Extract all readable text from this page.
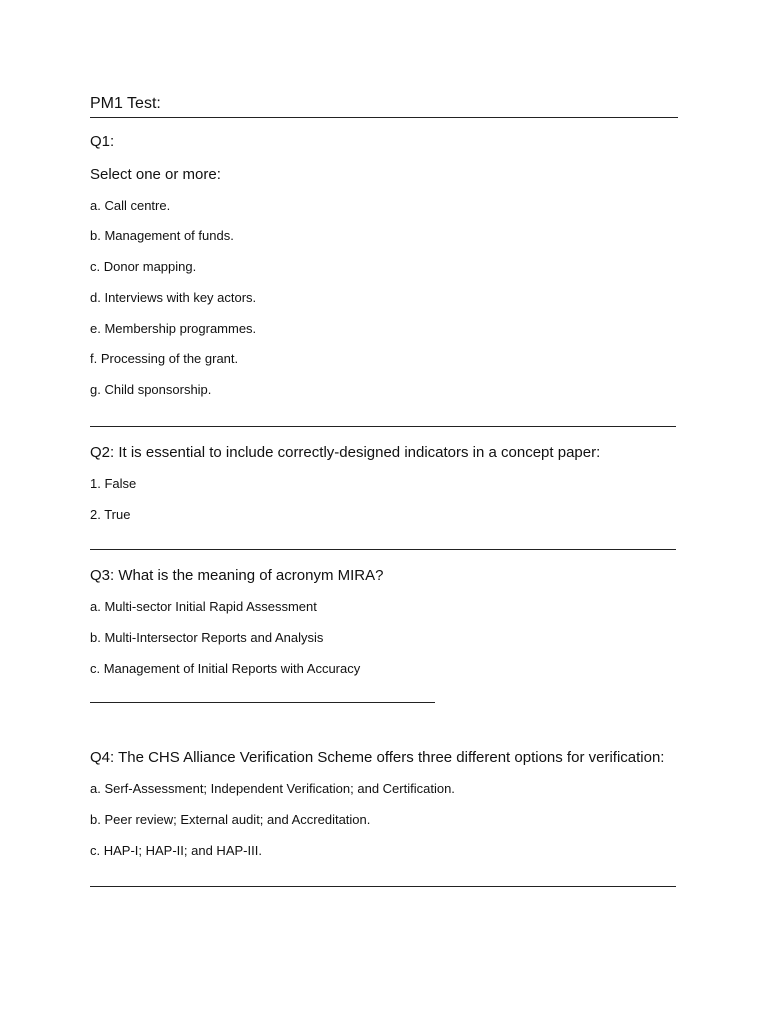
PM1 Test:
Q1:
Select one or more:
a. Call centre.
b. Management of funds.
c. Donor mapping.
d. Interviews with key actors.
e. Membership programmes.
f. Processing of the grant.
g. Child sponsorship.
Q2: It is essential to include correctly-designed indicators in a concept paper:
1. False
2. True
Q3: What is the meaning of acronym MIRA?
a. Multi-sector Initial Rapid Assessment
b. Multi-Intersector Reports and Analysis
c. Management of Initial Reports with Accuracy
Q4: The CHS Alliance Verification Scheme offers three different options for verification:
a. Serf-Assessment; Independent Verification; and Certification.
b. Peer review; External audit; and Accreditation.
c. HAP-I; HAP-II; and HAP-III.
